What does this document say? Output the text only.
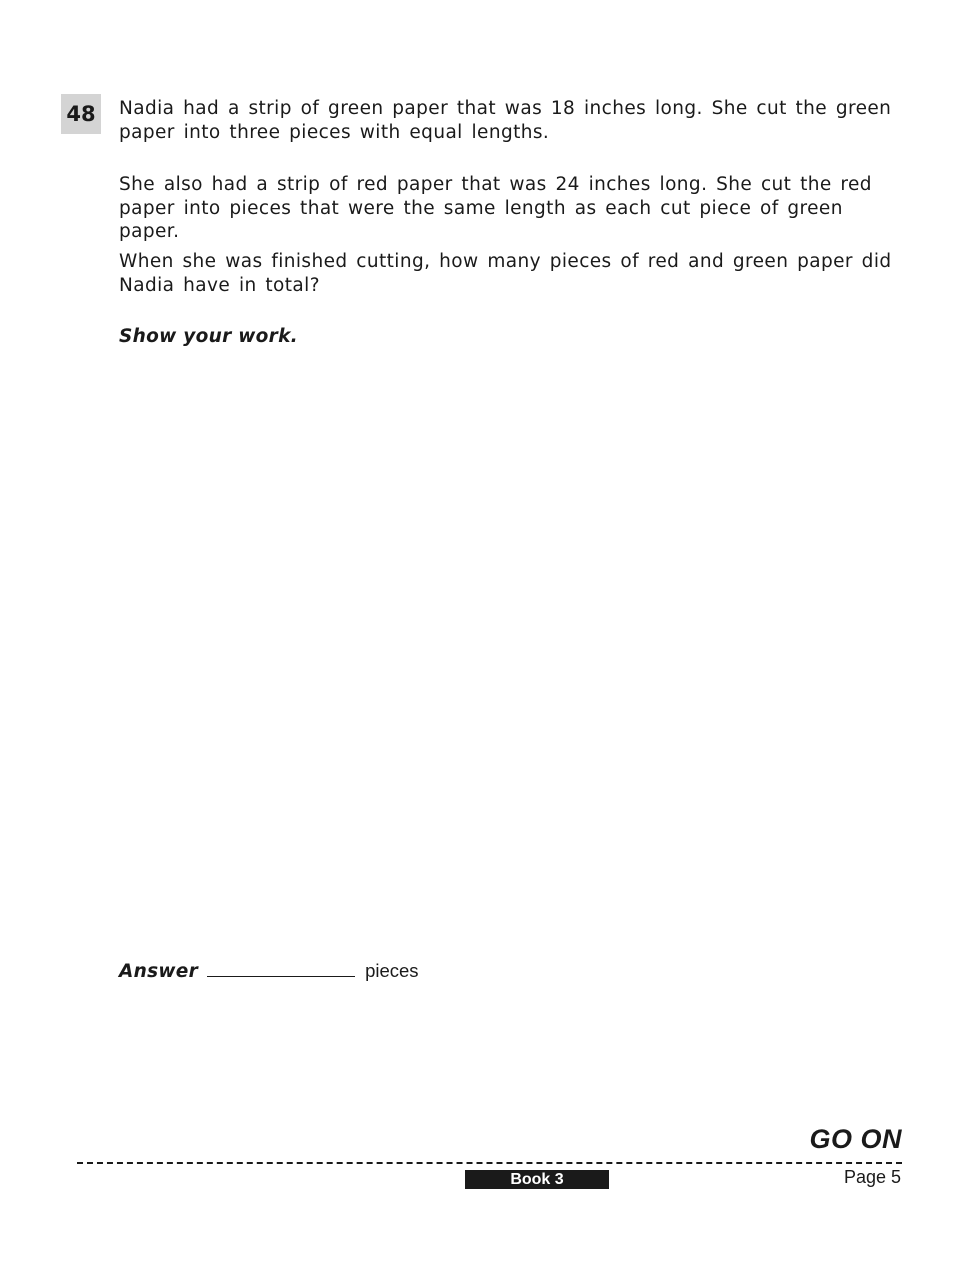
48 Nadia had a strip of green paper that was 18 inches long. She cut the green paper into three pieces with equal lengths.

She also had a strip of red paper that was 24 inches long. She cut the red paper into pieces that were the same length as each cut piece of green paper.

When she was finished cutting, how many pieces of red and green paper did Nadia have in total?

Show your work.

Answer	pieces
GO ON
Book 3	Page 5
